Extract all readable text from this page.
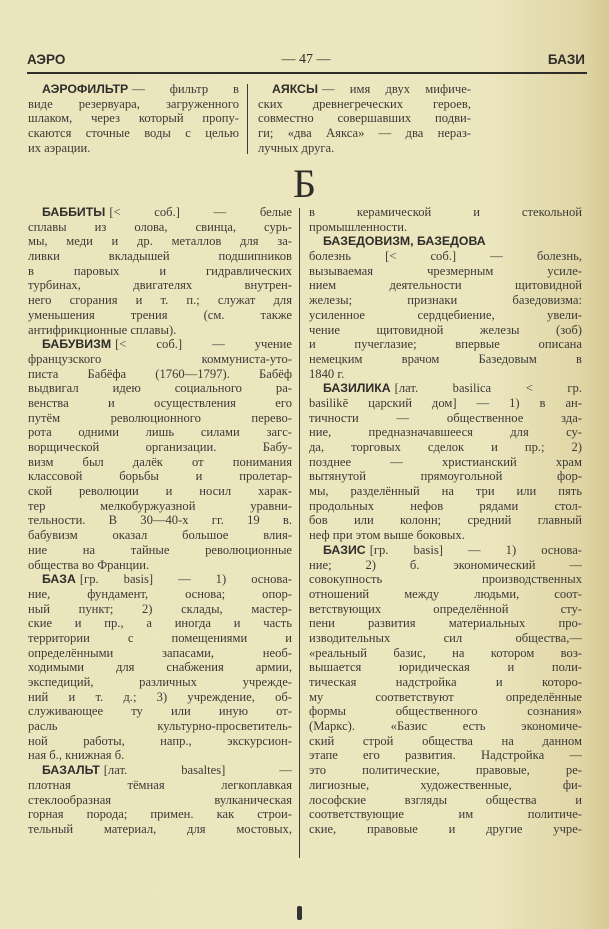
АЭРО	— 47 —	БАЗИ
АЭРОФИЛЬТР — фильтр в
виде резервуара, загруженного
шлаком, через который пропу-
скаются сточные воды с целью
их аэрации.
АЯКСЫ — имя двух мифиче-
ских древнегреческих героев,
совместно совершавших подви-
ги; «два Аякса» — два нераз-
лучных друга.
Б
БАББИТЫ [< соб.] — белые
сплавы из олова, свинца, сурь-
мы, меди и др. металлов для за-
ливки вкладышей подшипников
в паровых и гидравлических
турбинах, двигателях внутрен-
него сгорания и т. п.; служат для
уменьшения трения (см. также
антифрикционные сплавы).
БАБУВИЗМ [< соб.] — учение
французского коммуниста-уто-
писта Бабёфа (1760—1797). Бабёф
выдвигал идею социального ра-
венства и осуществления его
путём революционного перево-
рота одними лишь силами загс-
ворщической организации. Бабу-
визм был далёк от понимания
классовой борьбы и пролетар-
ской революции и носил харак-
тер мелкобуржуазной уравни-
тельности. В 30—40-х гг. 19 в.
бабувизм оказал большое влия-
ние на тайные революционные
общества во Франции.
БАЗА [гр. basis] — 1) основа-
ние, фундамент, основа; опор-
ный пункт; 2) склады, мастер-
ские и пр., а иногда и часть
территории с помещениями и
определёнными запасами, необ-
ходимыми для снабжения армии,
экспедиций, различных учрежде-
ний и т. д.; 3) учреждение, об-
служивающее ту или иную от-
расль культурно-просветитель-
ной работы, напр., экскурсион-
ная б., книжная б.
БАЗАЛЬТ [лат. basaltes] —
плотная тёмная легкоплавкая
стеклообразная вулканическая
горная порода; примен. как строи-
тельный материал, для мостовых,
в керамической и стекольной
промышленности.
БАЗЕДОВИЗМ, БАЗЕДОВА
болезнь [< соб.] — болезнь,
вызываемая чрезмерным усиле-
нием деятельности щитовидной
железы; признаки базедовизма:
усиленное сердцебиение, увели-
чение щитовидной железы (зоб)
и пучеглазие; впервые описана
немецким врачом Базедовым в
1840 г.
БАЗИЛИКА [лат. basilica < гр.
basilikē царский дом] — 1) в ан-
тичности — общественное зда-
ние, предназначавшееся для су-
да, торговых сделок и пр.; 2)
позднее — христианский храм
вытянутой прямоугольной фор-
мы, разделённый на три или пять
продольных нефов рядами стол-
бов или колонн; средний главный
неф при этом выше боковых.
БАЗИС [гр. basis] — 1) основа-
ние; 2) б. экономический —
совокупность производственных
отношений между людьми, соот-
ветствующих определённой сту-
пени развития материальных про-
изводительных сил общества,—
«реальный базис, на котором воз-
вышается юридическая и поли-
тическая надстройка и которо-
му соответствуют определённые
формы общественного сознания»
(Маркс). «Базис есть экономиче-
ский строй общества на данном
этапе его развития. Надстройка —
это политические, правовые, ре-
лигиозные, художественные, фи-
лософские взгляды общества и
соответствующие им политиче-
ские, правовые и другие учре-
